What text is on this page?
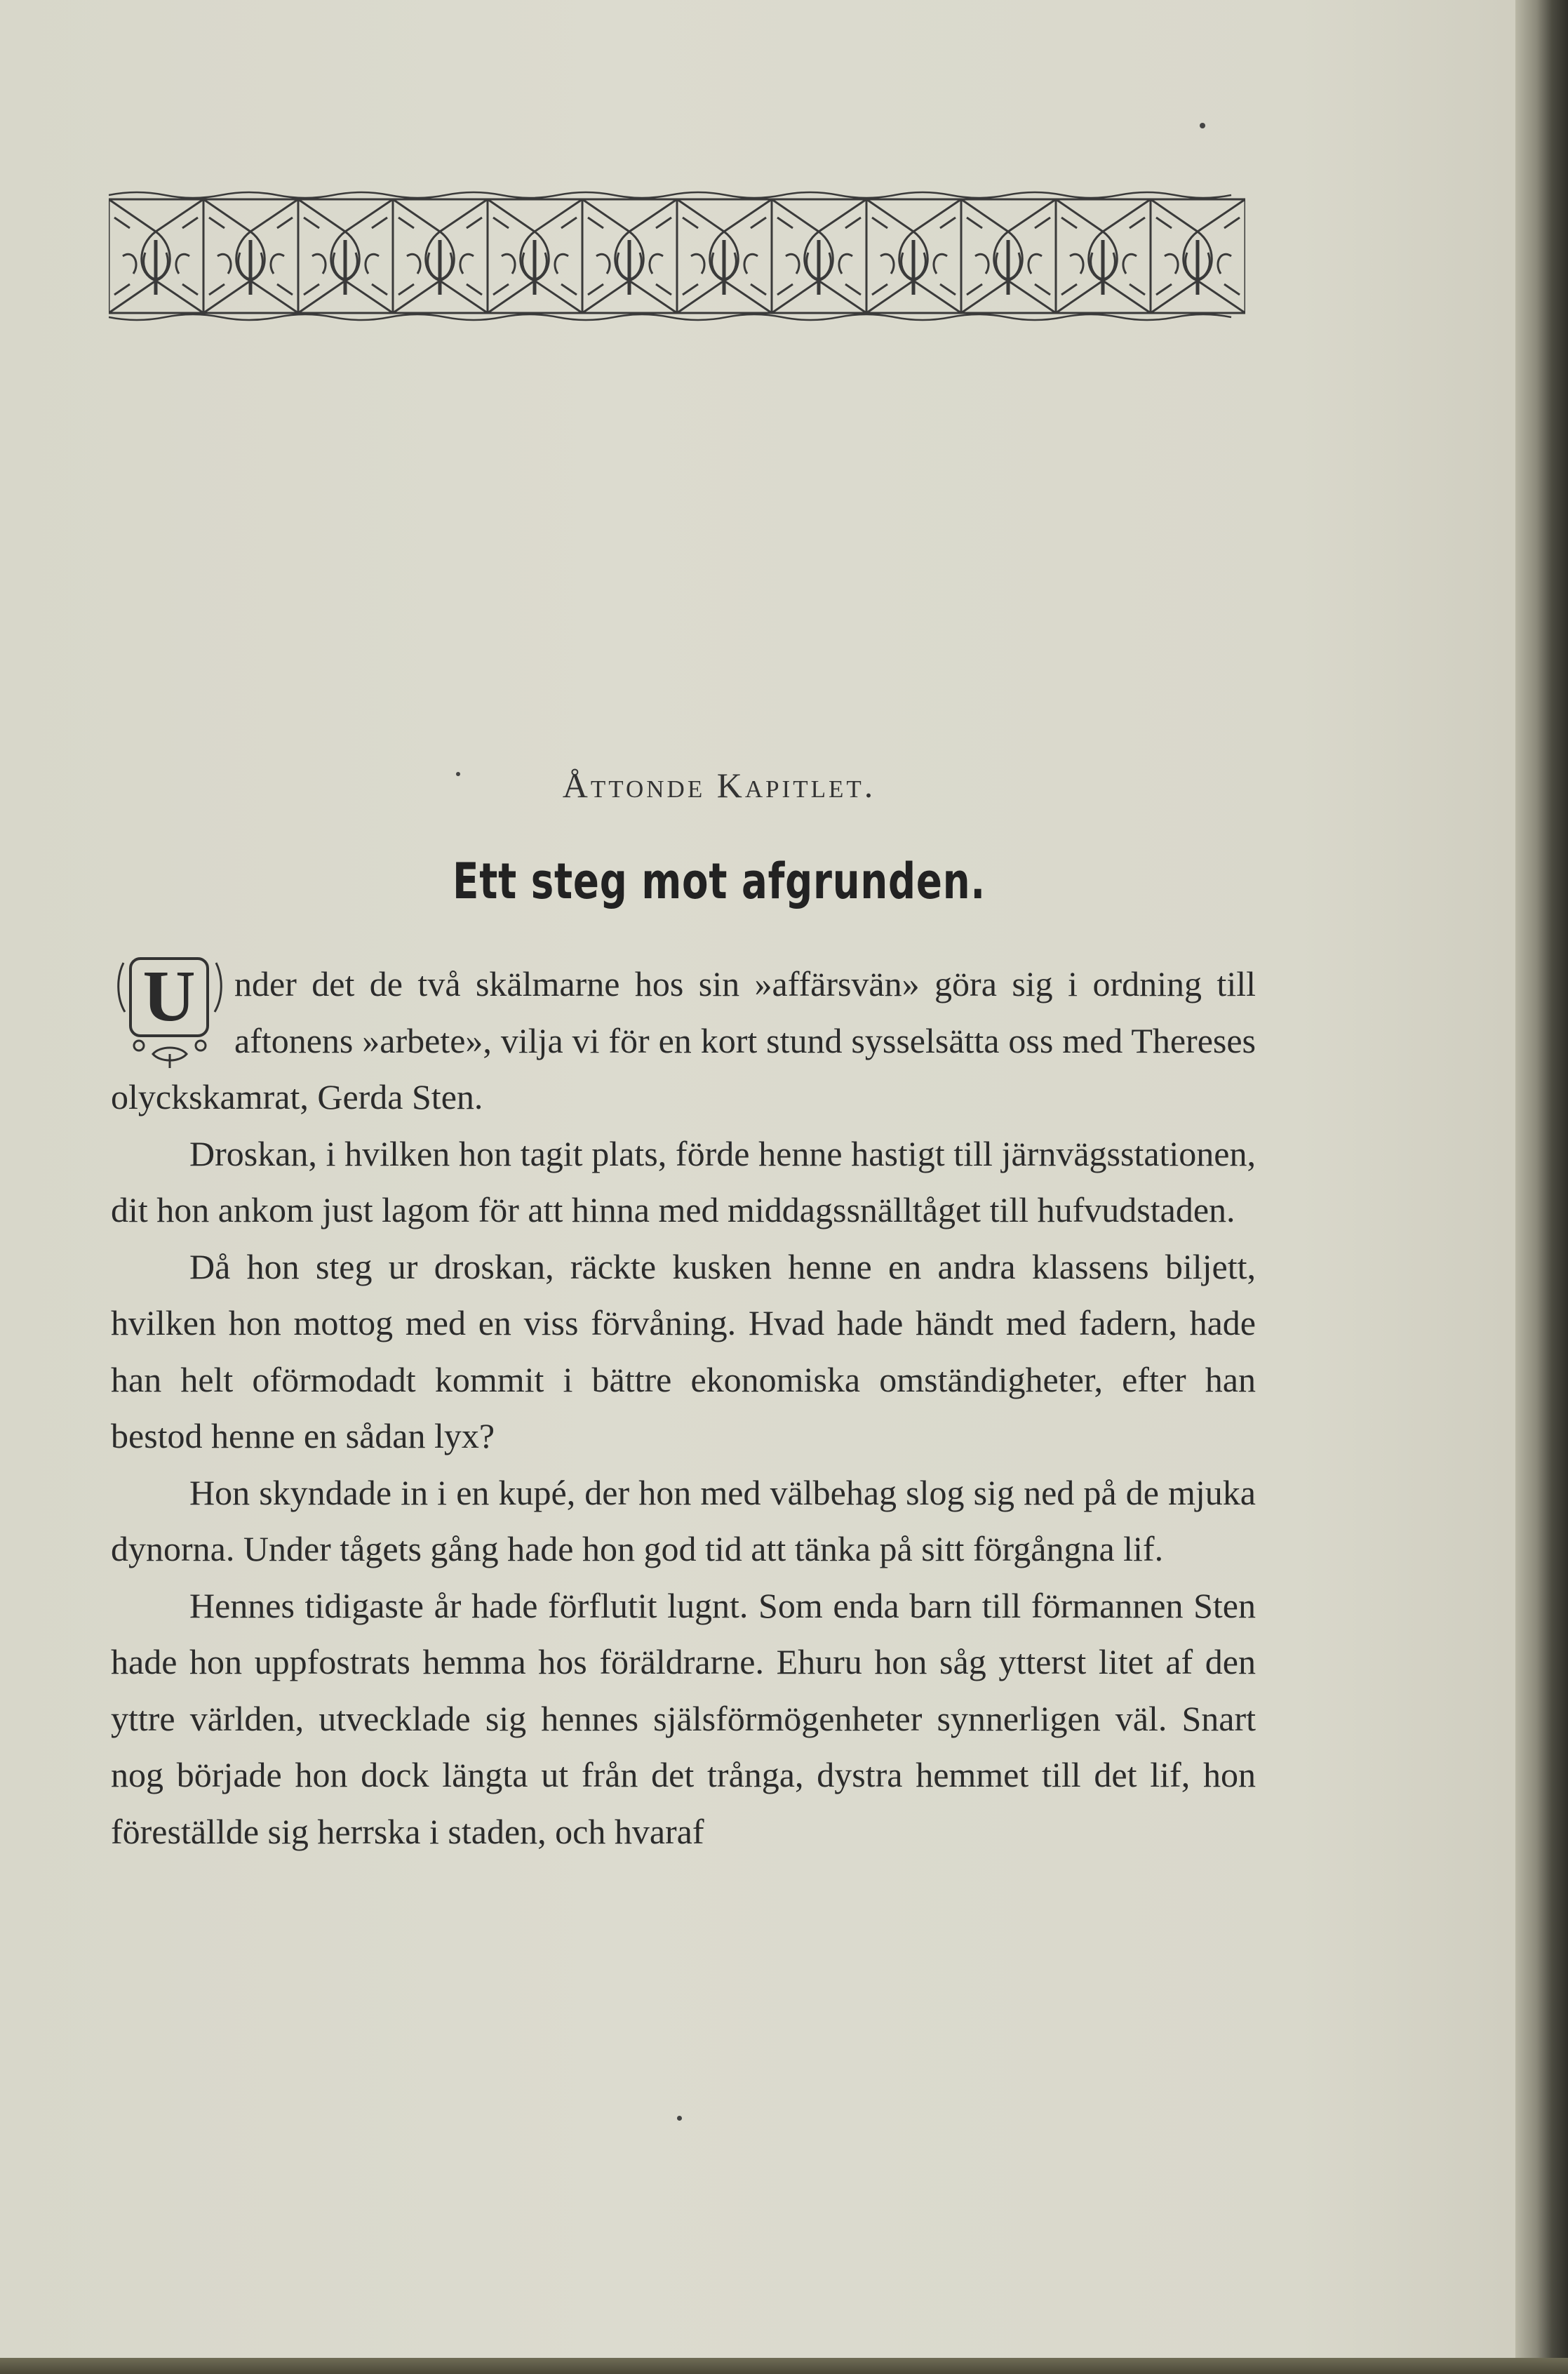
Åttonde Kapitlet.
Ett steg mot afgrunden.

U nder det de två skälmarne hos sin »affärsvän» göra sig i ordning till aftonens »arbete», vilja vi för en kort stund sysselsätta oss med Thereses olyckskamrat, Gerda Sten.

Droskan, i hvilken hon tagit plats, förde henne hastigt till järnvägsstationen, dit hon ankom just lagom för att hinna med middagssnälltåget till hufvudstaden.

Då hon steg ur droskan, räckte kusken henne en andra klassens biljett, hvilken hon mottog med en viss förvåning. Hvad hade händt med fadern, hade han helt oförmodadt kommit i bättre ekonomiska omständigheter, efter han bestod henne en sådan lyx?

Hon skyndade in i en kupé, der hon med välbehag slog sig ned på de mjuka dynorna. Under tågets gång hade hon god tid att tänka på sitt förgångna lif.

Hennes tidigaste år hade förflutit lugnt. Som enda barn till förmannen Sten hade hon uppfostrats hemma hos föräldrarne. Ehuru hon såg ytterst litet af den yttre världen, utvecklade sig hennes själsförmögenheter synnerligen väl. Snart nog började hon dock längta ut från det trånga, dystra hemmet till det lif, hon föreställde sig herrska i staden, och hvaraf
